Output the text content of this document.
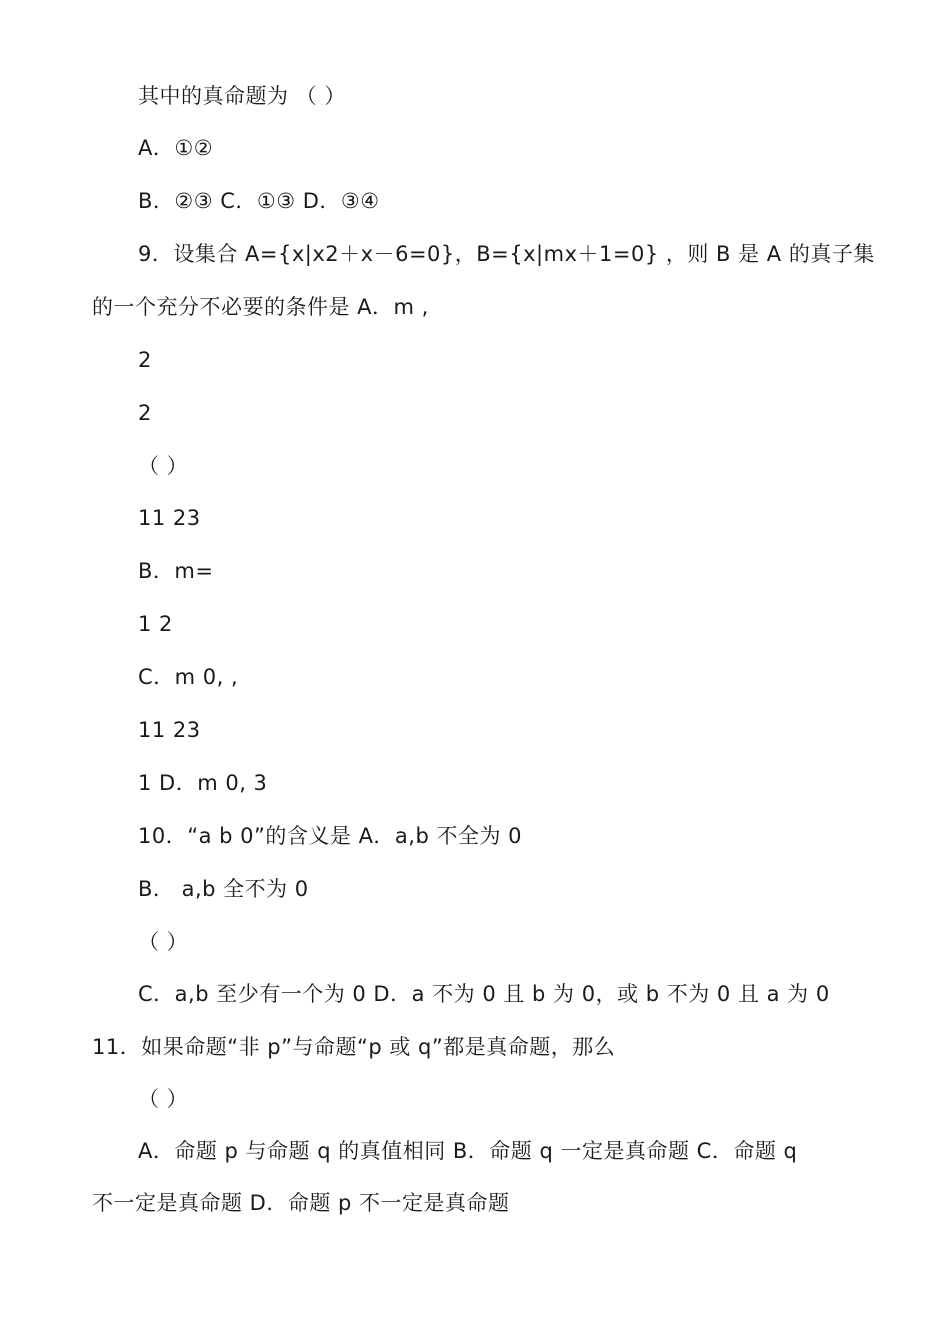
其中的真命题为 （ ）
A．①②
B．②③ C．①③ D．③④
9．设集合 A={x|x2＋x－6=0}，B={x|mx＋1=0} ，则 B 是 A 的真子集
的一个充分不必要的条件是 A．m ,
2
2
（ ）
11 23
B．m=
1 2
C．m 0, ,
11 23
1 D．m 0, 3
10．“a b 0”的含义是 A．a,b 不全为 0
B． a,b 全不为 0
（ ）
C．a,b 至少有一个为 0 D．a 不为 0 且 b 为 0，或 b 不为 0 且 a 为 0
11．如果命题“非 p”与命题“p 或 q”都是真命题，那么
（ ）
A．命题 p 与命题 q 的真值相同 B．命题 q 一定是真命题 C．命题 q
不一定是真命题 D．命题 p 不一定是真命题
